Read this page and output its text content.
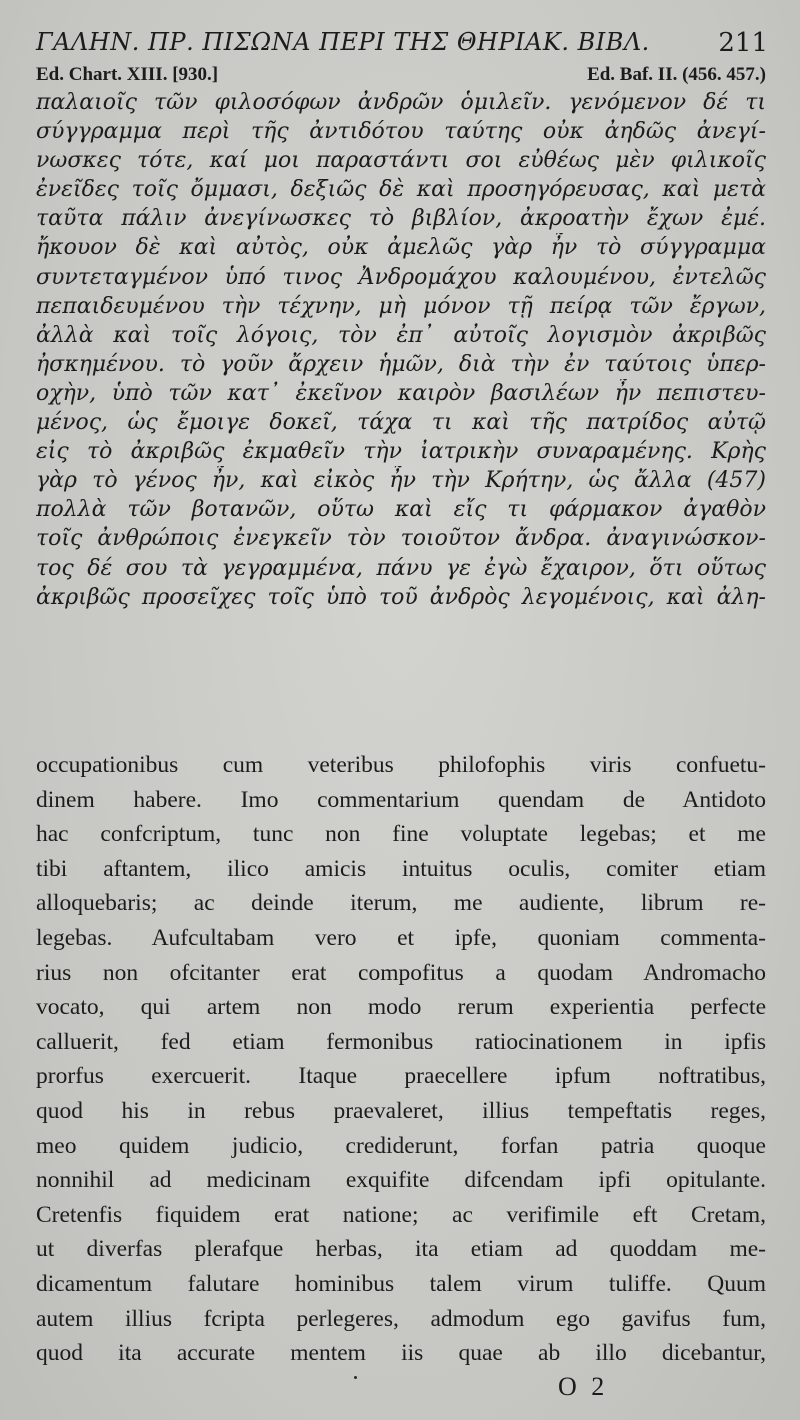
ΓΑΛΗΝ. ΠΡ. ΠΙΣΩΝΑ ΠΕΡΙ ΤΗΣ ΘΗΡΙΑΚ. ΒΙΒΛ.	211
Ed. Chart. XIII. [930.]	Ed. Baf. II. (456. 457.)
παλαιοῖς τῶν φιλοσόφων ἀνδρῶν ὁμιλεῖν. γενόμενον δέ τι
σύγγραμμα περὶ τῆς ἀντιδότου ταύτης οὐκ ἀηδῶς ἀνεγί-
νωσκες τότε, καί μοι παραστάντι σοι εὐθέως μὲν φιλικοῖς
ἐνεῖδες τοῖς ὄμμασι, δεξιῶς δὲ καὶ προσηγόρευσας, καὶ μετὰ
ταῦτα πάλιν ἀνεγίνωσκες τὸ βιβλίον, ἀκροατὴν ἔχων ἐμέ.
ἤκουον δὲ καὶ αὐτὸς, οὐκ ἀμελῶς γὰρ ἦν τὸ σύγγραμμα
συντεταγμένον ὑπό τινος Ἀνδρομάχου καλουμένου, ἐντελῶς
πεπαιδευμένου τὴν τέχνην, μὴ μόνον τῇ πείρᾳ τῶν ἔργων,
ἀλλὰ καὶ τοῖς λόγοις, τὸν ἐπ᾽ αὐτοῖς λογισμὸν ἀκριβῶς
ἠσκημένου. τὸ γοῦν ἄρχειν ἡμῶν, διὰ τὴν ἐν ταύτοις ὑπερ-
οχὴν, ὑπὸ τῶν κατ᾽ ἐκεῖνον καιρὸν βασιλέων ἦν πεπιστευ-
μένος, ὡς ἔμοιγε δοκεῖ, τάχα τι καὶ τῆς πατρίδος αὐτῷ
εἰς τὸ ἀκριβῶς ἐκμαθεῖν τὴν ἰατρικὴν συναραμένης. Κρὴς
γὰρ τὸ γένος ἦν, καὶ εἰκὸς ἦν τὴν Κρήτην, ὡς ἄλλα (457)
πολλὰ τῶν βοτανῶν, οὕτω καὶ εἴς τι φάρμακον ἀγαθὸν
τοῖς ἀνθρώποις ἐνεγκεῖν τὸν τοιοῦτον ἄνδρα. ἀναγινώσκον-
τος δέ σου τὰ γεγραμμένα, πάνυ γε ἐγὼ ἔχαιρον, ὅτι οὕτως
ἀκριβῶς προσεῖχες τοῖς ὑπὸ τοῦ ἀνδρὸς λεγομένοις, καὶ ἀλη-
occupationibus cum veteribus philofophis viris confuetu-
dinem habere. Imo commentarium quendam de Antidoto
hac confcriptum, tunc non fine voluptate legebas; et me
tibi aftantem, ilico amicis intuitus oculis, comiter etiam
alloquebaris; ac deinde iterum, me audiente, librum re-
legebas. Aufcultabam vero et ipfe, quoniam commenta-
rius non ofcitanter erat compofitus a quodam Andromacho
vocato, qui artem non modo rerum experientia perfecte
calluerit, fed etiam fermonibus ratiocinationem in ipfis
prorfus exercuerit. Itaque praecellere ipfum noftratibus,
quod his in rebus praevaleret, illius tempeftatis reges,
meo quidem judicio, crediderunt, forfan patria quoque
nonnihil ad medicinam exquifite difcendam ipfi opitulante.
Cretenfis fiquidem erat natione; ac verifimile eft Cretam,
ut diverfas plerafque herbas, ita etiam ad quoddam me-
dicamentum falutare hominibus talem virum tuliffe. Quum
autem illius fcripta perlegeres, admodum ego gavifus fum,
quod ita accurate mentem iis quae ab illo dicebantur,
O 2
